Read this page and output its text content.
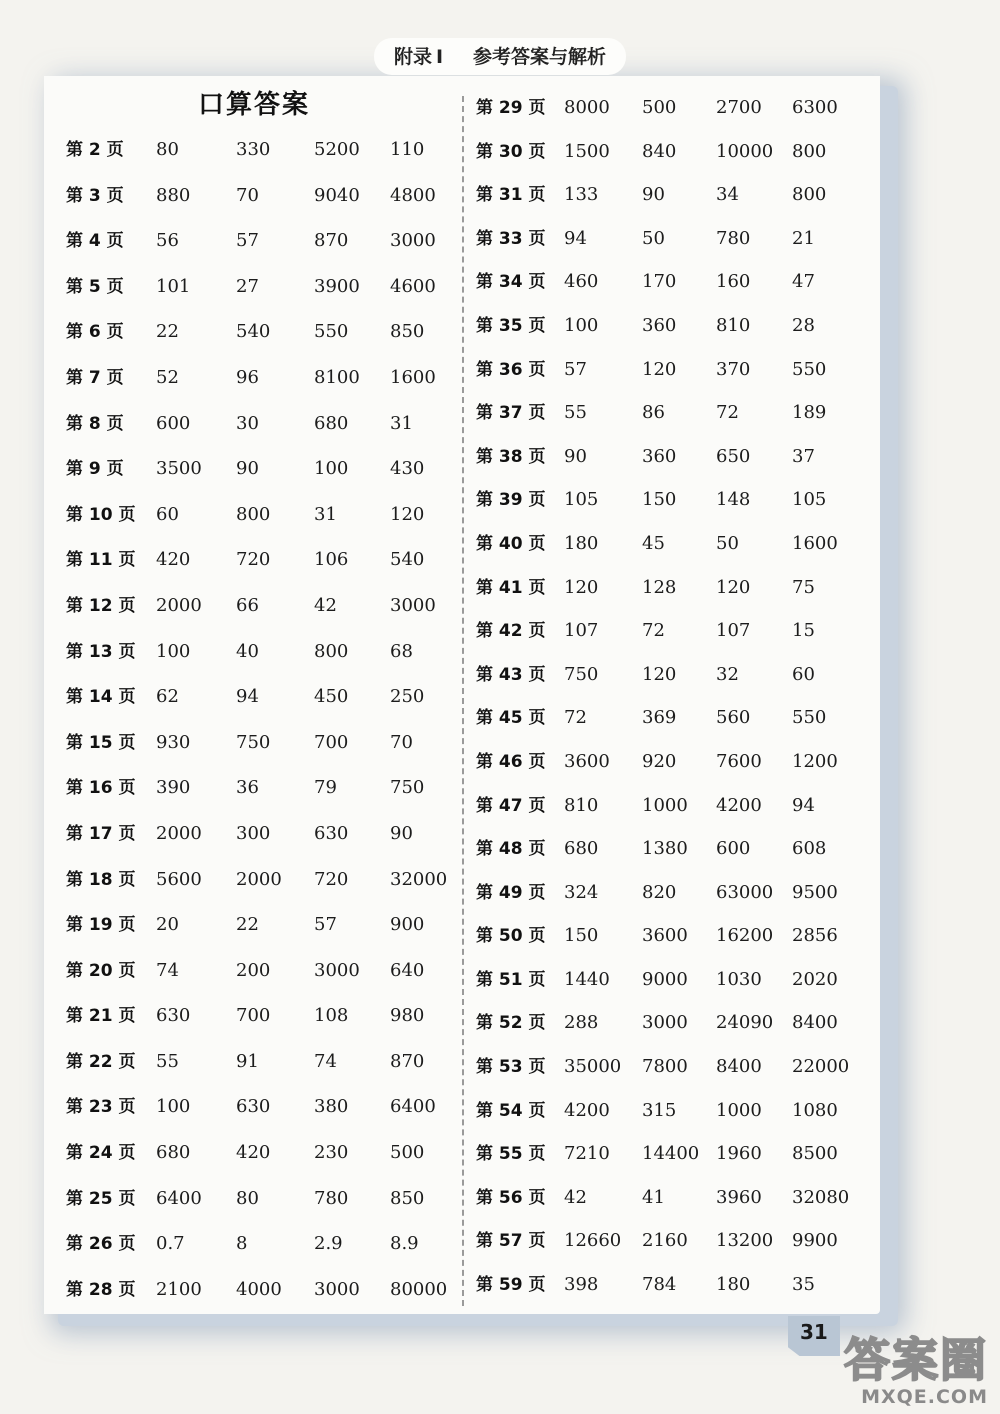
附录 Ⅰ 参考答案与解析
口算答案
第 2 页 80	330 5200 110
第 3 页 880	70	9040 4800
第 4 页 56	57	870 3000
第 5 页 101	27	3900 4600
第 6 页 22	540 550 850
第 7 页 52	96	8100 1600
第 8 页 600	30	680 31
第 9 页 3500 90	100 430
第 10 页 60	800 31	120
第 11 页 420	720 106 540
第 12 页 2000 66	42	3000
第 13 页 100	40	800 68
第 14 页 62	94	450 250
第 15 页 930	750 700 70
第 16 页 390	36	79	750
第 17 页 2000 300 630 90
第 18 页 5600 2000 720 32000
第 19 页 20	22	57	900
第 20 页 74	200 3000 640
第 21 页 630	700 108 980
第 22 页 55	91	74	870
第 23 页 100	630 380 6400
第 24 页 680	420 230 500
第 25 页 6400 80	780 850
第 26 页 0.7	8	2.9	8.9
第 28 页 2100 4000 3000 80000
第 29 页 8000 500 2700 6300
第 30 页 1500 840 10000 800
第 31 页 133 90	34	800
第 33 页 94	50	780 21
第 34 页 460 170 160 47
第 35 页 100 360 810 28
第 36 页 57	120 370 550
第 37 页 55	86	72	189
第 38 页 90	360 650 37
第 39 页 105 150 148 105
第 40 页 180 45	50	1600
第 41 页 120 128 120 75
第 42 页 107 72	107 15
第 43 页 750 120 32	60
第 45 页 72	369 560 550
第 46 页 3600 920 7600 1200
第 47 页 810 1000 4200 94
第 48 页 680 1380 600 608
第 49 页 324 820 63000 9500
第 50 页 150 3600 16200 2856
第 51 页 1440 9000 1030 2020
第 52 页 288 3000 24090 8400
第 53 页 35000 7800 8400 22000
第 54 页 4200 315 1000 1080
第 55 页 7210 14400 1960 8500
第 56 页 42	41	3960 32080
第 57 页 12660 2160 13200 9900
第 59 页 398 784 180 35
31
答案圈
MXQE.COM
